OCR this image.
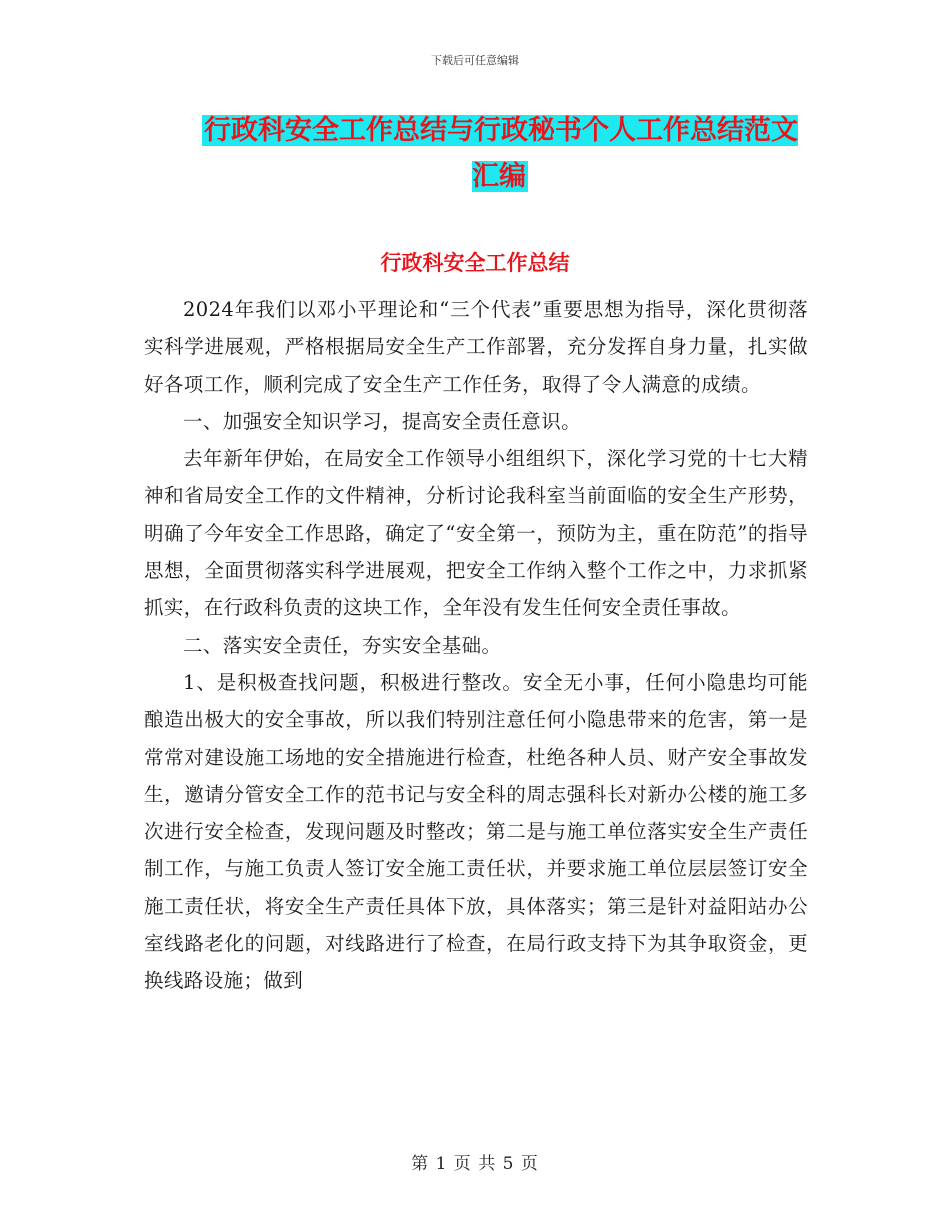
下载后可任意编辑
行政科安全工作总结与行政秘书个人工作总结范文汇编
行政科安全工作总结

2024年我们以邓小平理论和“三个代表”重要思想为指导，深化贯彻落实科学进展观，严格根据局安全生产工作部署，充分发挥自身力量，扎实做好各项工作，顺利完成了安全生产工作任务，取得了令人满意的成绩。

一、加强安全知识学习，提高安全责任意识。

去年新年伊始，在局安全工作领导小组组织下，深化学习党的十七大精神和省局安全工作的文件精神，分析讨论我科室当前面临的安全生产形势，明确了今年安全工作思路，确定了“安全第一，预防为主，重在防范”的指导思想，全面贯彻落实科学进展观，把安全工作纳入整个工作之中，力求抓紧抓实，在行政科负责的这块工作，全年没有发生任何安全责任事故。

二、落实安全责任，夯实安全基础。

1、是积极查找问题，积极进行整改。安全无小事，任何小隐患均可能酿造出极大的安全事故，所以我们特别注意任何小隐患带来的危害，第一是常常对建设施工场地的安全措施进行检查，杜绝各种人员、财产安全事故发生，邀请分管安全工作的范书记与安全科的周志强科长对新办公楼的施工多次进行安全检查，发现问题及时整改；第二是与施工单位落实安全生产责任制工作，与施工负责人签订安全施工责任状，并要求施工单位层层签订安全施工责任状，将安全生产责任具体下放，具体落实；第三是针对益阳站办公室线路老化的问题，对线路进行了检查，在局行政支持下为其争取资金，更换线路设施；做到

第 1 页 共 5 页
